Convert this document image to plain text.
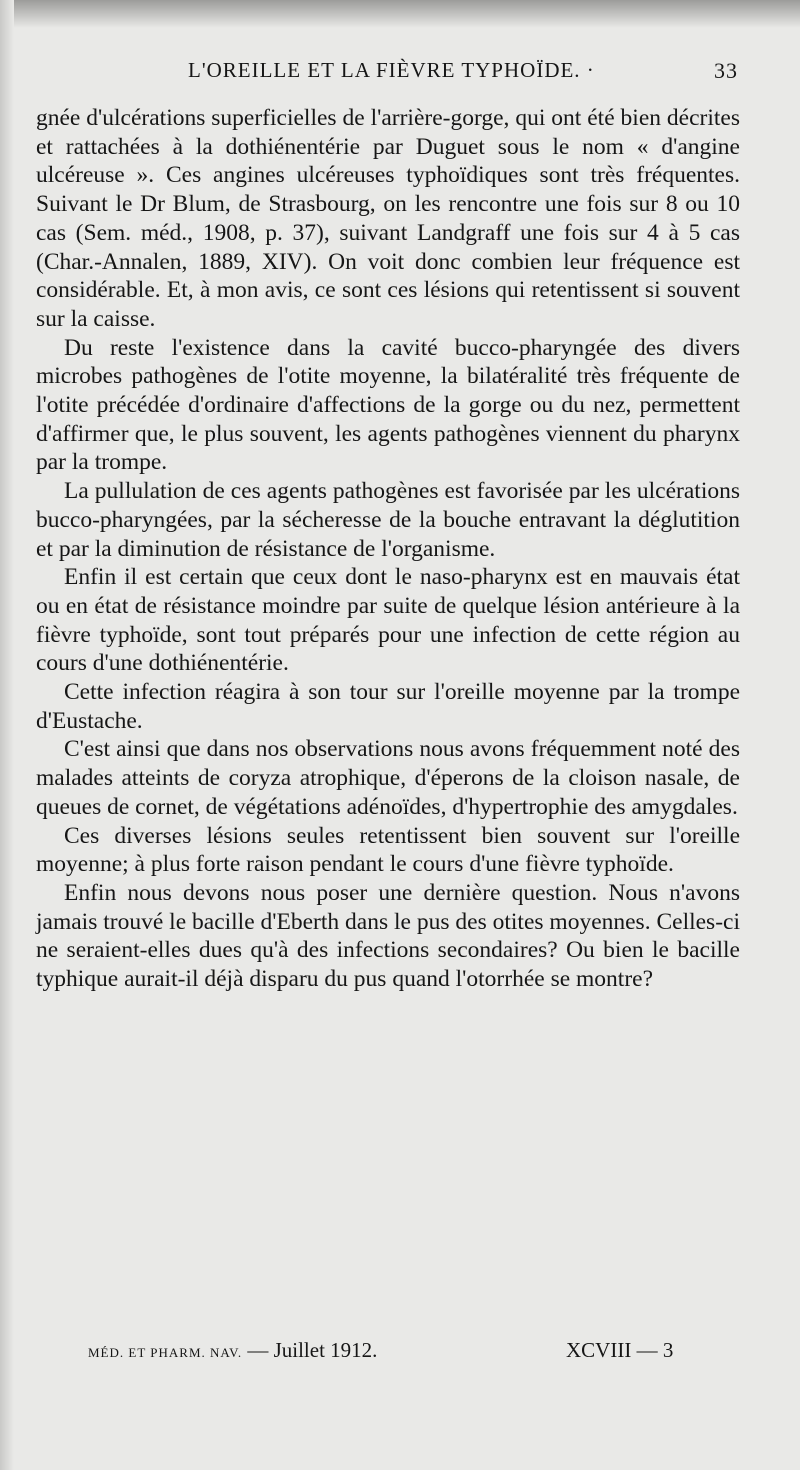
L'OREILLE ET LA FIÈVRE TYPHOÏDE. ·	33

gnée d'ulcérations superficielles de l'arrière-gorge, qui ont été bien décrites et rattachées à la dothiénentérie par Duguet sous le nom « d'angine ulcéreuse ». Ces angines ulcéreuses typhoïdiques sont très fréquentes. Suivant le Dr Blum, de Strasbourg, on les rencontre une fois sur 8 ou 10 cas (Sem. méd., 1908, p. 37), suivant Landgraff une fois sur 4 à 5 cas (Char.-Annalen, 1889, XIV). On voit donc combien leur fréquence est considérable. Et, à mon avis, ce sont ces lésions qui retentissent si souvent sur la caisse.

Du reste l'existence dans la cavité bucco-pharyngée des divers microbes pathogènes de l'otite moyenne, la bilatéralité très fréquente de l'otite précédée d'ordinaire d'affections de la gorge ou du nez, permettent d'affirmer que, le plus souvent, les agents pathogènes viennent du pharynx par la trompe.

La pullulation de ces agents pathogènes est favorisée par les ulcérations bucco-pharyngées, par la sécheresse de la bouche entravant la déglutition et par la diminution de résistance de l'organisme.

Enfin il est certain que ceux dont le naso-pharynx est en mauvais état ou en état de résistance moindre par suite de quelque lésion antérieure à la fièvre typhoïde, sont tout préparés pour une infection de cette région au cours d'une dothiénentérie.

Cette infection réagira à son tour sur l'oreille moyenne par la trompe d'Eustache.

C'est ainsi que dans nos observations nous avons fréquemment noté des malades atteints de coryza atrophique, d'éperons de la cloison nasale, de queues de cornet, de végétations adénoïdes, d'hypertrophie des amygdales.

Ces diverses lésions seules retentissent bien souvent sur l'oreille moyenne; à plus forte raison pendant le cours d'une fièvre typhoïde.

Enfin nous devons nous poser une dernière question. Nous n'avons jamais trouvé le bacille d'Eberth dans le pus des otites moyennes. Celles-ci ne seraient-elles dues qu'à des infections secondaires? Ou bien le bacille typhique aurait-il déjà disparu du pus quand l'otorrhée se montre?

MÉD. ET PHARM. NAV. — Juillet 1912.	XCVIII — 3
